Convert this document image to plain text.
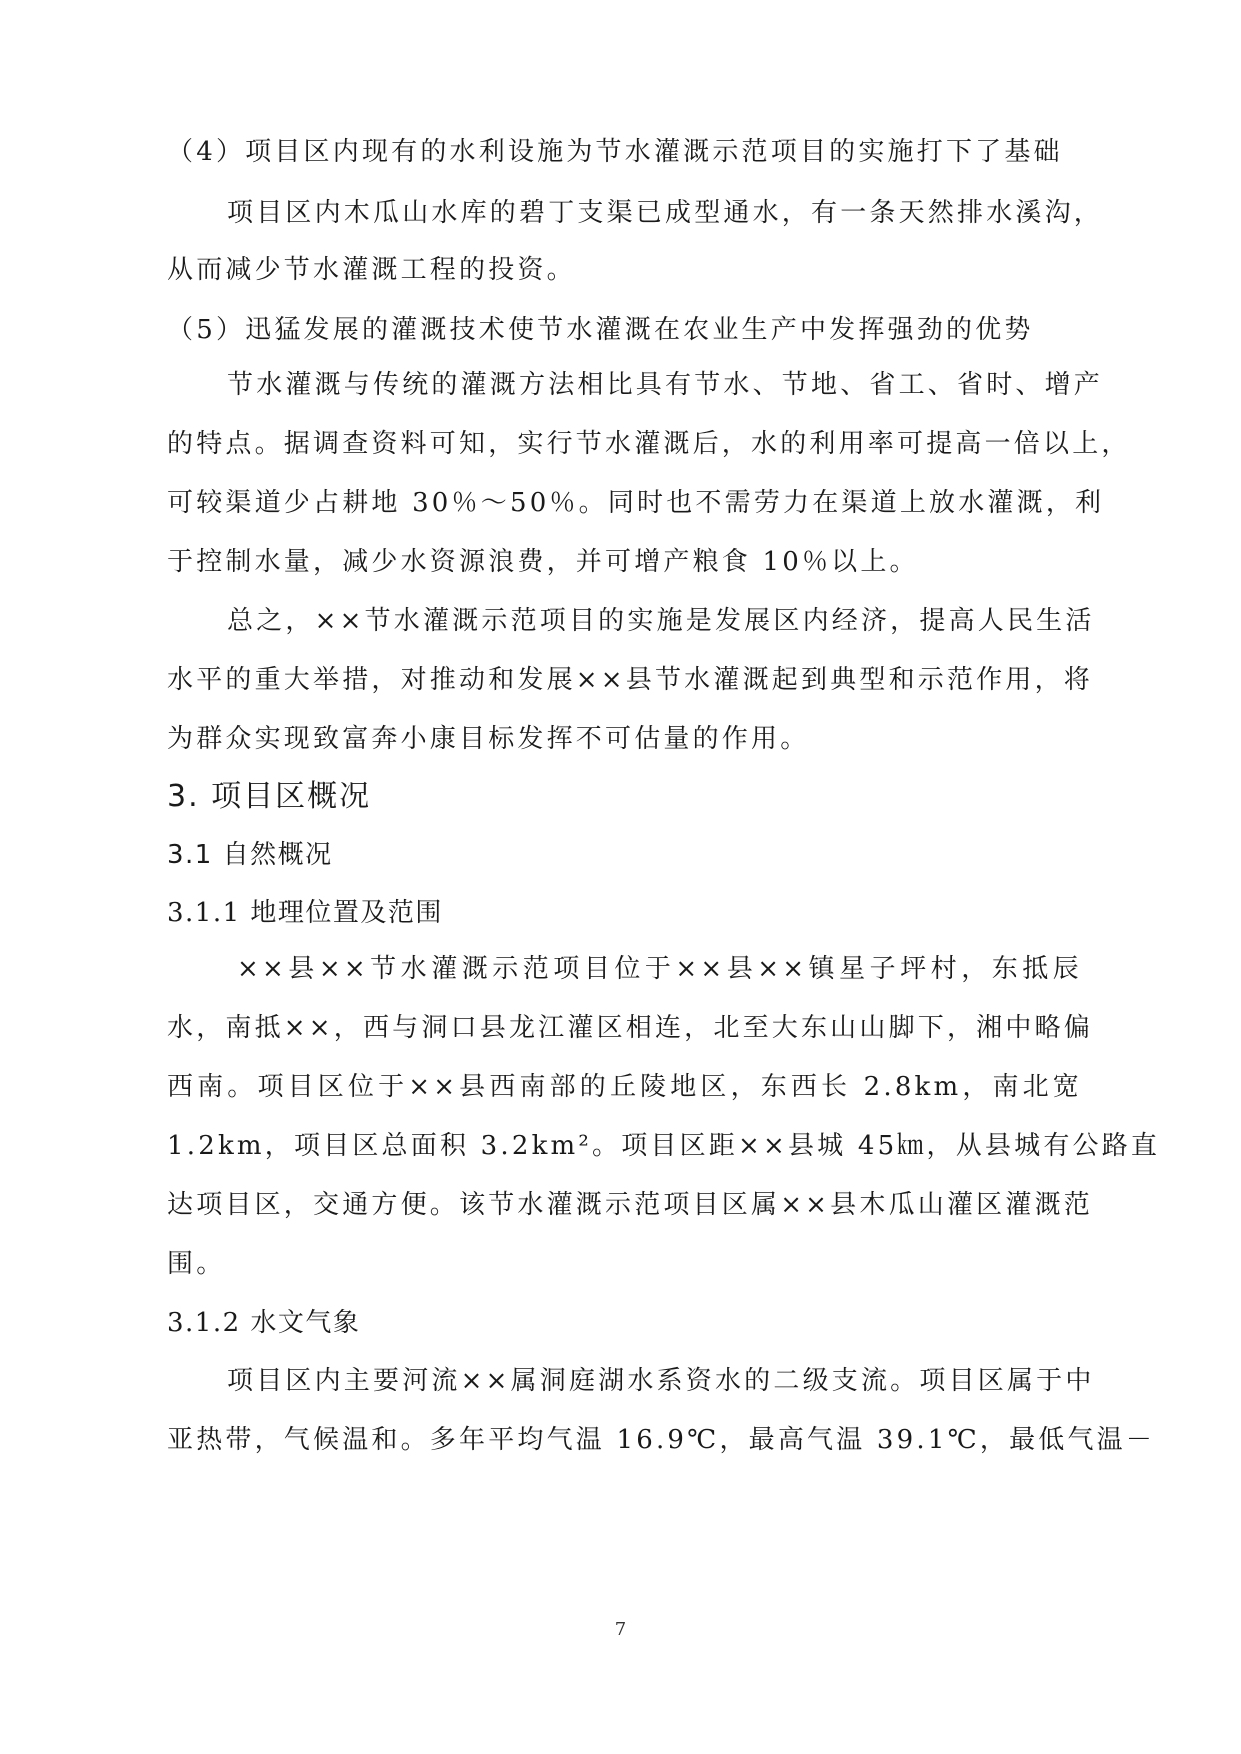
（4）项目区内现有的水利设施为节水灌溉示范项目的实施打下了基础

项目区内木瓜山水库的碧丁支渠已成型通水，有一条天然排水溪沟，

从而减少节水灌溉工程的投资。

（5）迅猛发展的灌溉技术使节水灌溉在农业生产中发挥强劲的优势

节水灌溉与传统的灌溉方法相比具有节水、节地、省工、省时、增产

的特点。据调查资料可知，实行节水灌溉后，水的利用率可提高一倍以上，

可较渠道少占耕地 30％～50％。同时也不需劳力在渠道上放水灌溉，利

于控制水量，减少水资源浪费，并可增产粮食 10％以上。

总之，××节水灌溉示范项目的实施是发展区内经济，提高人民生活

水平的重大举措，对推动和发展××县节水灌溉起到典型和示范作用，将

为群众实现致富奔小康目标发挥不可估量的作用。

3. 项目区概况
3.1 自然概况
3.1.1 地理位置及范围

××县××节水灌溉示范项目位于××县××镇星子坪村，东抵辰

水，南抵××，西与洞口县龙江灌区相连，北至大东山山脚下，湘中略偏

西南。项目区位于××县西南部的丘陵地区，东西长 2.8km，南北宽

1.2km，项目区总面积 3.2km²。项目区距××县城 45㎞，从县城有公路直

达项目区，交通方便。该节水灌溉示范项目区属××县木瓜山灌区灌溉范

围。

3.1.2 水文气象

项目区内主要河流××属洞庭湖水系资水的二级支流。项目区属于中

亚热带，气候温和。多年平均气温 16.9℃，最高气温 39.1℃，最低气温－

7
